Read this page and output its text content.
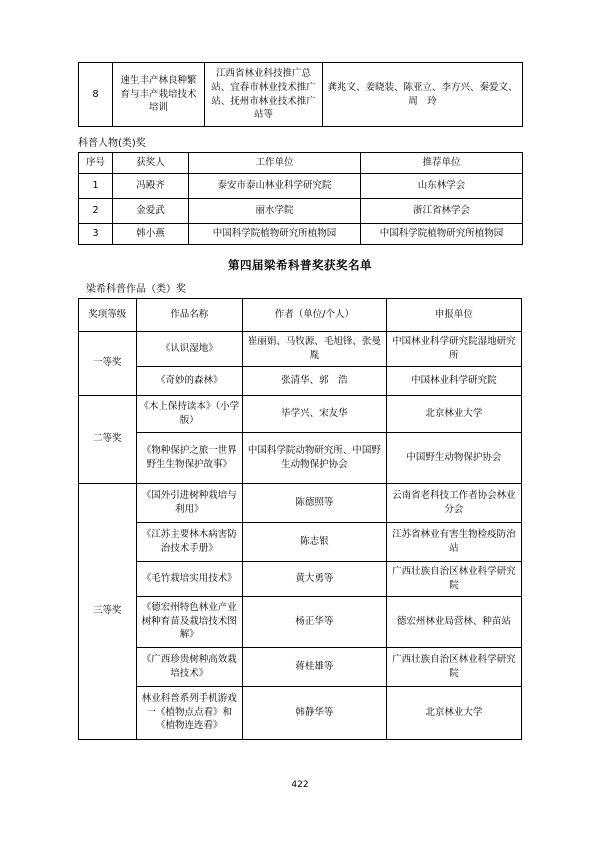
8	速生丰产林良种繁育与丰产栽培技术培训	江西省林业科技推广总站、宜春市林业技术推广站、抚州市林业技术推广站等	龚兆文、姜晓装、陈亚立、李方兴、秦爱文、周　玲
科普人物(类)奖
序号	获奖人	工作单位	推荐单位
1	冯殿齐	泰安市泰山林业科学研究院	山东林学会
2	金爱武	丽水学院	浙江省林学会
3	韩小燕	中国科学院植物研究所植物园	中国科学院植物研究所植物园
第四届梁希科普奖获奖名单
梁希科普作品（类）奖
奖项等级	作品名称	作者（单位/个人）	申报单位
一等奖	《认识湿地》	崔丽娟、马牧源、毛旭锋、张曼胤	中国林业科学研究院湿地研究所
	《奇妙的森林》	张清华、郭　浩	中国林业科学研究院
二等奖	《木上保持读本》（小学版）	毕学兴、宋友华	北京林业大学
	《物种保护之旅一世界野生生物保护故事》	中国科学院动物研究所、中国野生动物保护协会	中国野生动物保护协会
三等奖	《国外引进树种栽培与利用》	陈德照等	云南省老科技工作者协会林业分会
	《江苏主要林木病害防治技术手册》	陈志银	江苏省林业有害生物检疫防治站
	《毛竹栽培实用技术》	黄大勇等	广西壮族自治区林业科学研究院
	《德宏州特色林业产业树种育苗及栽培技术图解》	杨正华等	德宏州林业局营林、种苗站
	《广西珍贵树种高效栽培技术》	蒋桂雄等	广西壮族自治区林业科学研究院
	林业科普系列手机游戏一《植物点点看》和《植物连连看》	韩静华等	北京林业大学
422
